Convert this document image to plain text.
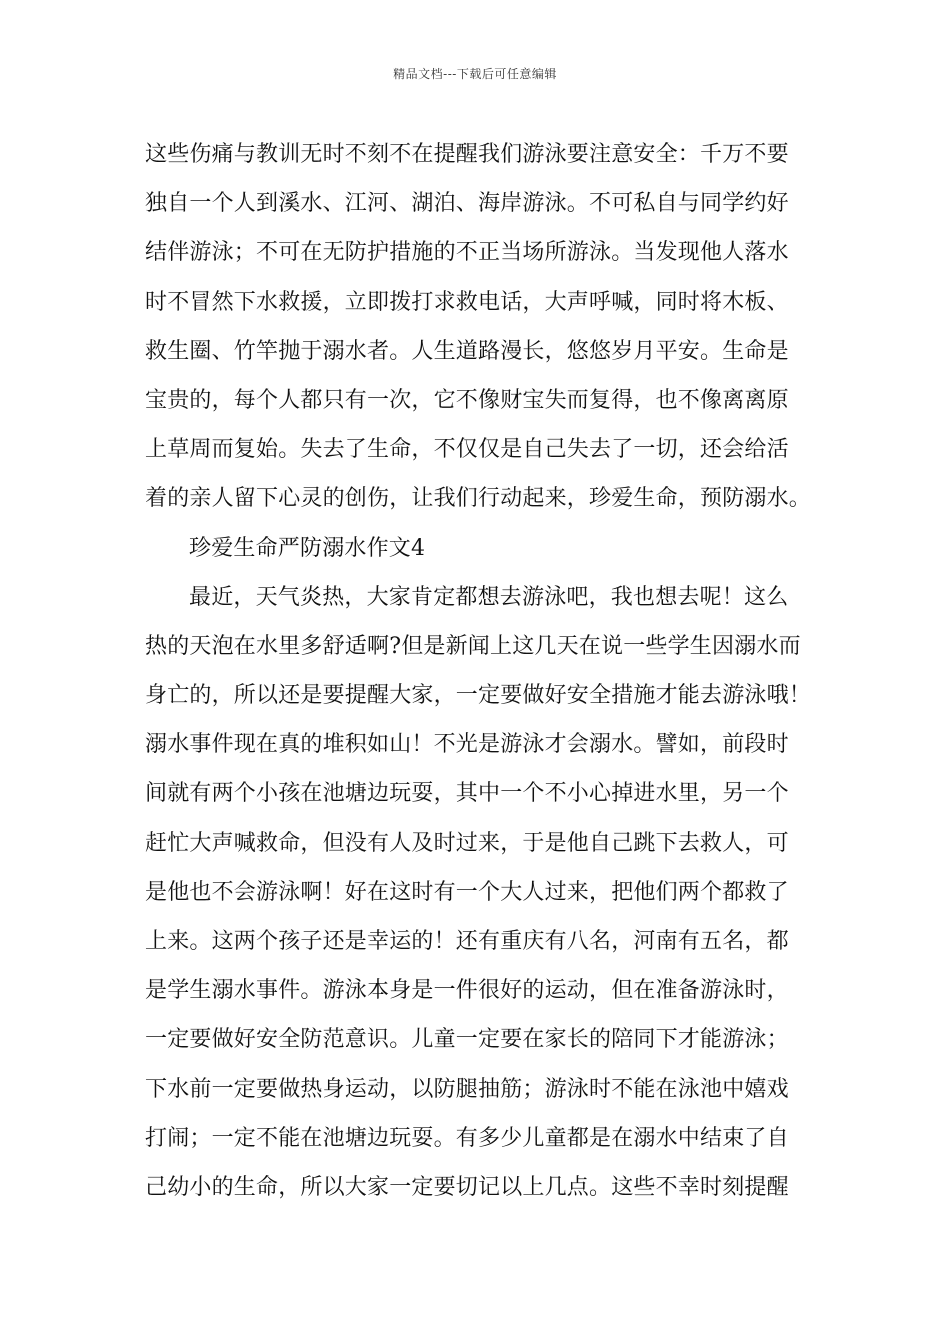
精品文档---下载后可任意编辑
这些伤痛与教训无时不刻不在提醒我们游泳要注意安全：千万不要
独自一个人到溪水、江河、湖泊、海岸游泳。不可私自与同学约好
结伴游泳；不可在无防护措施的不正当场所游泳。当发现他人落水
时不冒然下水救援，立即拨打求救电话，大声呼喊，同时将木板、
救生圈、竹竿抛于溺水者。人生道路漫长，悠悠岁月平安。生命是
宝贵的，每个人都只有一次，它不像财宝失而复得，也不像离离原
上草周而复始。失去了生命，不仅仅是自己失去了一切，还会给活
着的亲人留下心灵的创伤，让我们行动起来，珍爱生命，预防溺水。
珍爱生命严防溺水作文4
最近，天气炎热，大家肯定都想去游泳吧，我也想去呢！这么
热的天泡在水里多舒适啊?但是新闻上这几天在说一些学生因溺水而
身亡的，所以还是要提醒大家，一定要做好安全措施才能去游泳哦！
溺水事件现在真的堆积如山！不光是游泳才会溺水。譬如，前段时
间就有两个小孩在池塘边玩耍，其中一个不小心掉进水里，另一个
赶忙大声喊救命，但没有人及时过来，于是他自己跳下去救人，可
是他也不会游泳啊！好在这时有一个大人过来，把他们两个都救了
上来。这两个孩子还是幸运的！还有重庆有八名，河南有五名，都
是学生溺水事件。游泳本身是一件很好的运动，但在准备游泳时，
一定要做好安全防范意识。儿童一定要在家长的陪同下才能游泳；
下水前一定要做热身运动，以防腿抽筋；游泳时不能在泳池中嬉戏
打闹；一定不能在池塘边玩耍。有多少儿童都是在溺水中结束了自
己幼小的生命，所以大家一定要切记以上几点。这些不幸时刻提醒
